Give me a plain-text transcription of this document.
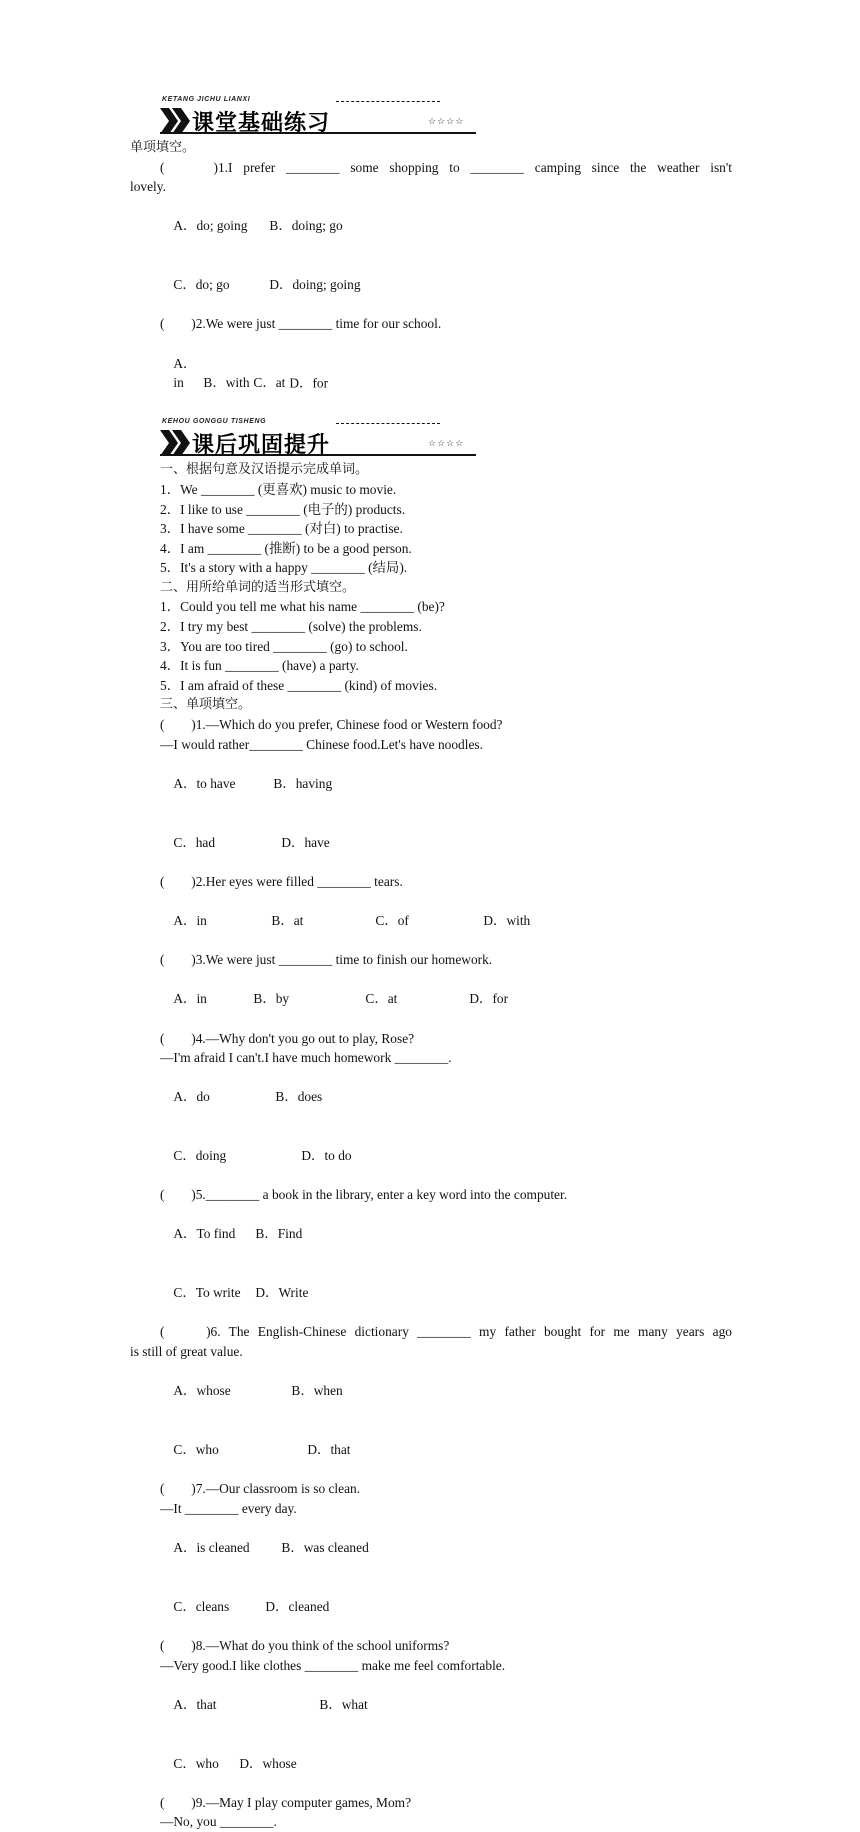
KETANG JICHU LIANXI
课堂基础练习	☆☆☆☆
单项填空。
(　　)1.I prefer ________ some shopping to ________ camping since the weather isn't
lovely.

A．do; going B．doing; go

C．do; go	D．doing; going

(　　)2.We were just ________ time for our school.

A．in B．with C．at D．for

KEHOU GONGGU TISHENG
课后巩固提升	☆☆☆☆
一、根据句意及汉语提示完成单词。
1．We ________ (更喜欢) music to movie.
2．I like to use ________ (电子的) products.
3．I have some ________ (对白) to practise.
4．I am ________ (推断) to be a good person.
5．It's a story with a happy ________ (结局).
二、用所给单词的适当形式填空。
1．Could you tell me what his name ________ (be)?
2．I try my best ________ (solve) the problems.
3．You are too tired ________ (go) to school.
4．It is fun ________ (have) a party.
5．I am afraid of these ________ (kind) of movies.
三、单项填空。
(　　)1.—Which do you prefer, Chinese food or Western food?
—I would rather________ Chinese food.Let's have noodles.

A．to have	B．having

C．had	D．have

(　　)2.Her eyes were filled ________ tears.

A．in	B．at	C．of	D．with

(　　)3.We were just ________ time to finish our homework.

A．in	B．by	C．at	D．for

(　　)4.—Why don't you go out to play, Rose?
—I'm afraid I can't.I have much homework ________.

A．do	B．does

C．doing	D．to do

(　　)5.________ a book in the library, enter a key word into the computer.

A．To find B．Find

C．To write D．Write

(　　)6. The English-Chinese dictionary ________ my father bought for me many years ago
is still of great value.

A．whose	B．when

C．who	D．that

(　　)7.—Our classroom is so clean.
—It ________ every day.

A．is cleaned B．was cleaned

C．cleans	D．cleaned

(　　)8.—What do you think of the school uniforms?
—Very good.I like clothes ________ make me feel comfortable.

A．that	B．what

C．who D．whose

(　　)9.—May I play computer games, Mom?
—No, you ________.
